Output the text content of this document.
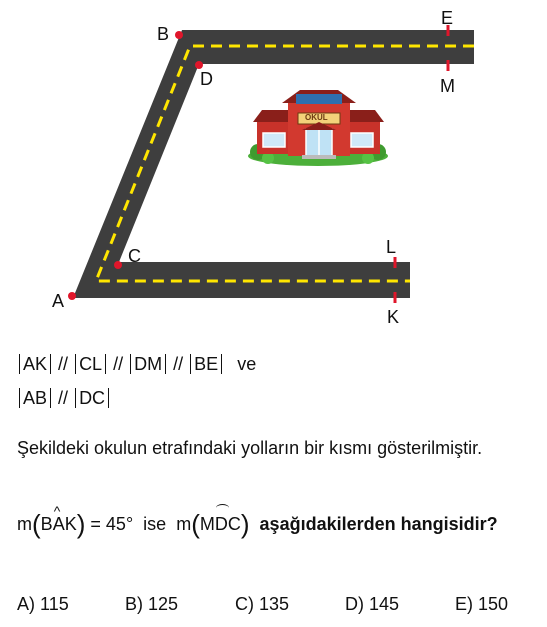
OKUL
B
D
E
M
C	L
A
K
AK // CL // DM // BE ve
AB // DC
Şekildeki okulun etrafındaki yolların bir kısmı gösterilmiştir.
m(B^ AK) = 45° ise m(MDC) aşağıdakilerden hangisidir?
A) 115	B) 125	C) 135	D) 145	E) 150
